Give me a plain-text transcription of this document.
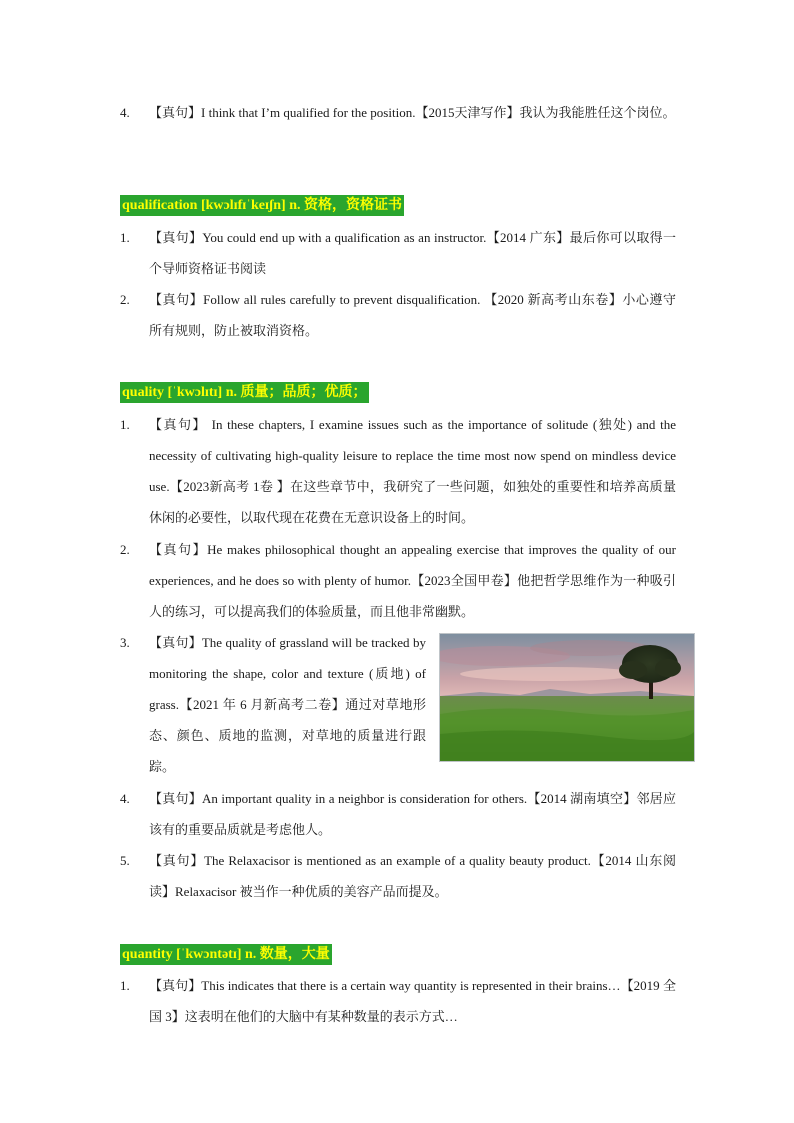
4.	【真句】I think that I’m qualified for the position.【2015天津写作】我认为我能胜任这个岗位。
qualification [kwɔlɪfɪˈkeɪʃn] n. 资格，资格证书
1.	【真句】You could end up with a qualification as an instructor.【2014 广东】最后你可以取得一个导师资格证书阅读
2.	【真句】Follow all rules carefully to prevent disqualification. 【2020 新高考山东卷】小心遵守所有规则，防止被取消资格。
quality [ˈkwɔlɪtɪ] n. 质量；品质；优质；
1.	【真句】 In these chapters, I examine issues such as the importance of solitude (独处) and the necessity of cultivating high-quality leisure to replace the time most now spend on mindless device use.【2023新高考 1卷 】在这些章节中，我研究了一些问题，如独处的重要性和培养高质量休闲的必要性，以取代现在花费在无意识设备上的时间。
2.	【真句】He makes philosophical thought an appealing exercise that improves the quality of our experiences, and he does so with plenty of humor.【2023全国甲卷】他把哲学思维作为一种吸引人的练习，可以提高我们的体验质量，而且他非常幽默。
3.	【真句】The quality of grassland will be tracked by monitoring the shape, color and texture (质地) of grass.【2021 年 6 月新高考二卷】通过对草地形态、颜色、质地的监测，对草地的质量进行跟踪。
4.	【真句】An important quality in a neighbor is consideration for others.【2014 湖南填空】邻居应该有的重要品质就是考虑他人。
5.	【真句】The Relaxacisor is mentioned as an example of a quality beauty product.【2014 山东阅读】Relaxacisor 被当作一种优质的美容产品而提及。
quantity [ˈkwɔntətɪ] n. 数量，大量
1.	【真句】This indicates that there is a certain way quantity is represented in their brains…【2019 全国 3】这表明在他们的大脑中有某种数量的表示方式…
